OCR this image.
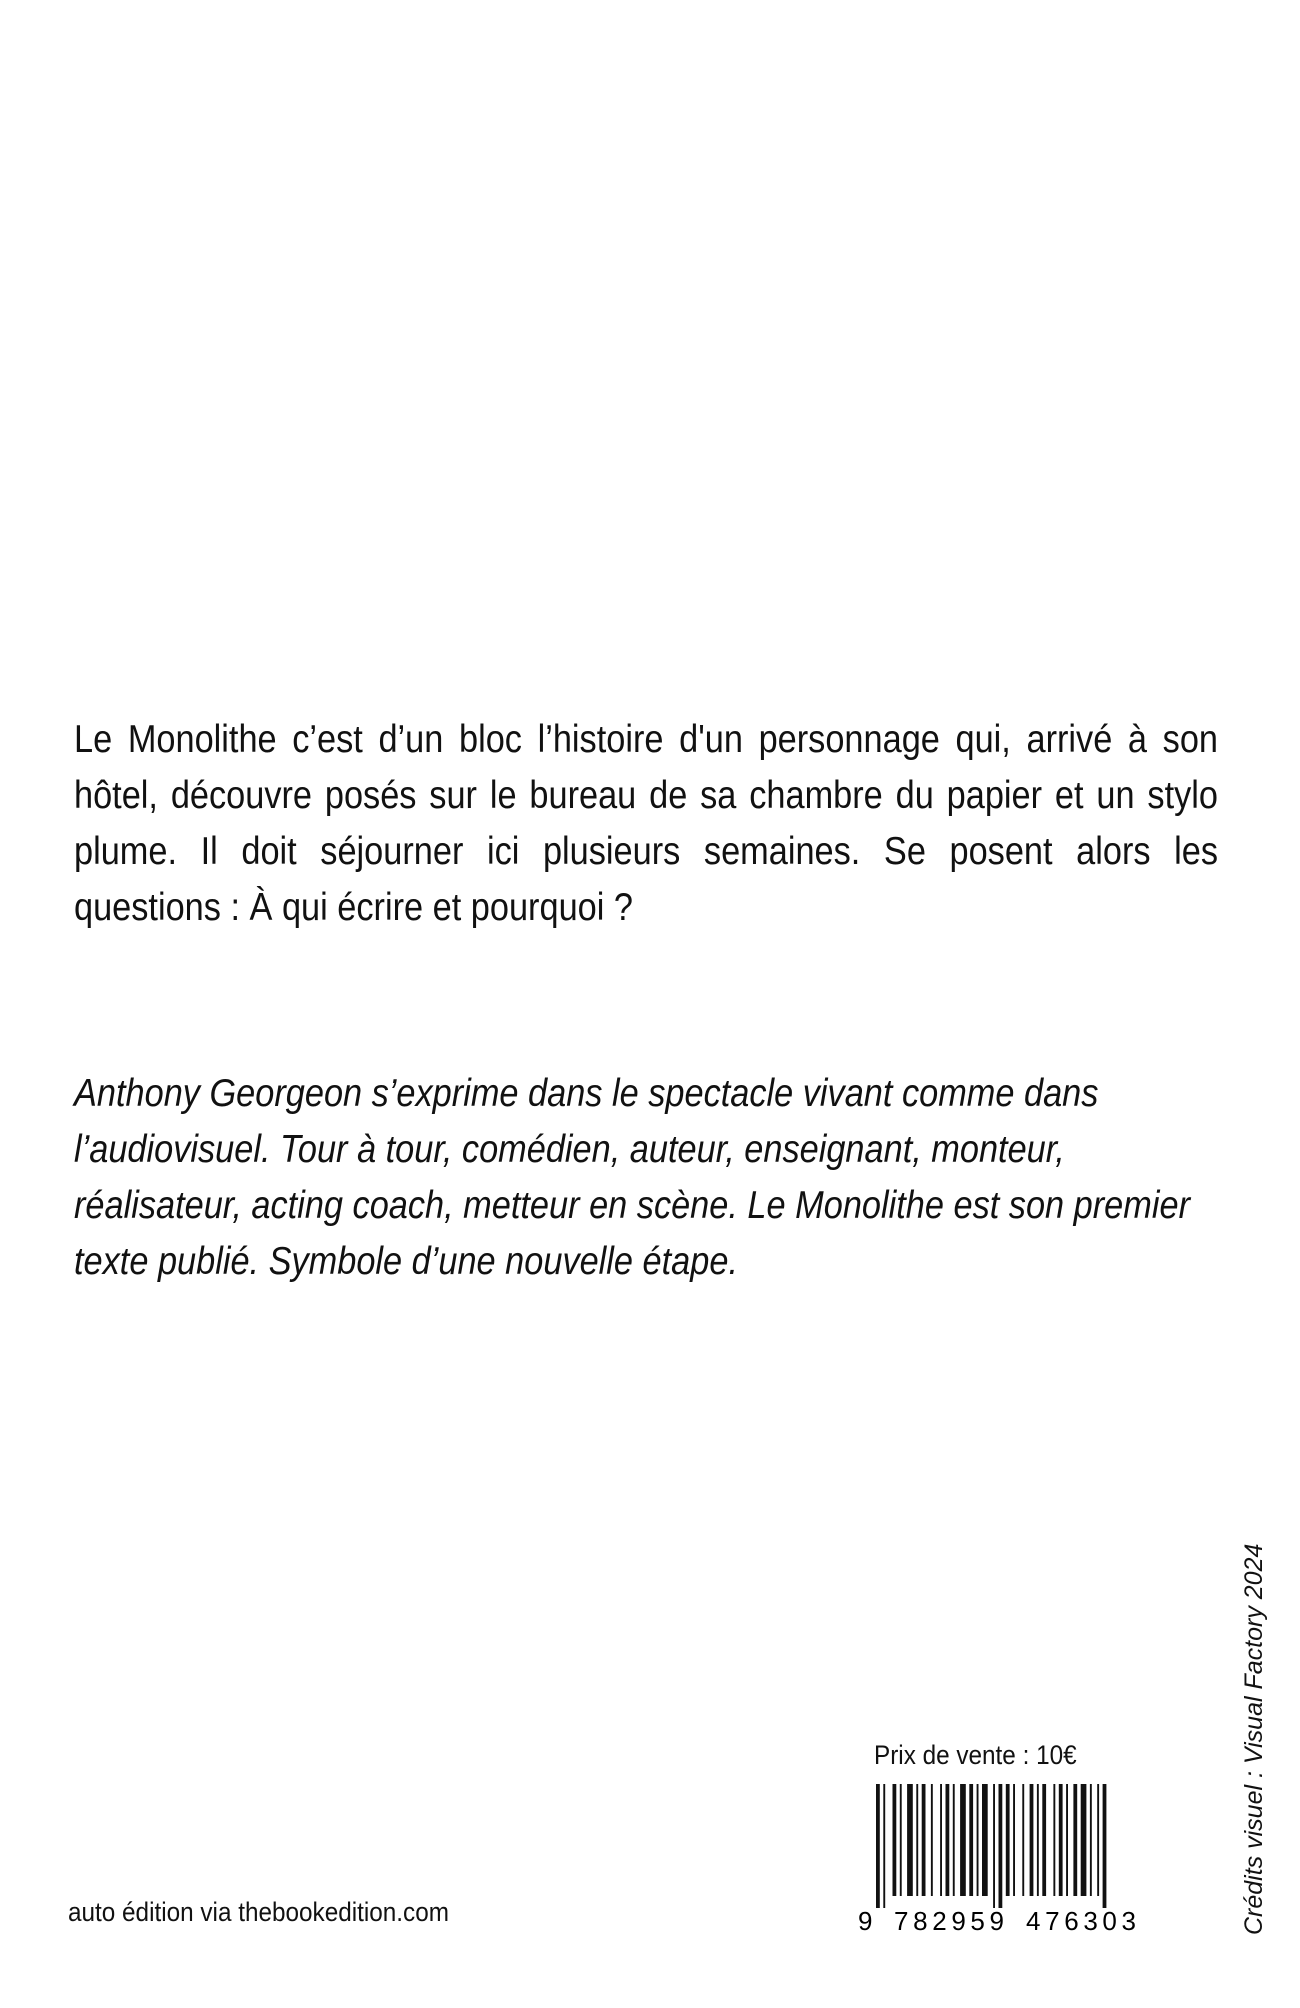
Le Monolithe c’est d’un bloc l’histoire d'un personnage qui, arrivé à son hôtel, découvre posés sur le bureau de sa chambre du papier et un stylo plume. Il doit séjourner ici plusieurs semaines. Se posent alors les questions : À qui écrire et pourquoi ?

Anthony Georgeon s’exprime dans le spectacle vivant comme dans l’audiovisuel. Tour à tour, comédien, auteur, enseignant, monteur, réalisateur, acting coach, metteur en scène. Le Monolithe est son premier texte publié. Symbole d’une nouvelle étape.

Prix de vente : 10€
9 782959 476303
auto édition via thebookedition.com	Crédits visuel : Visual Factory 2024
